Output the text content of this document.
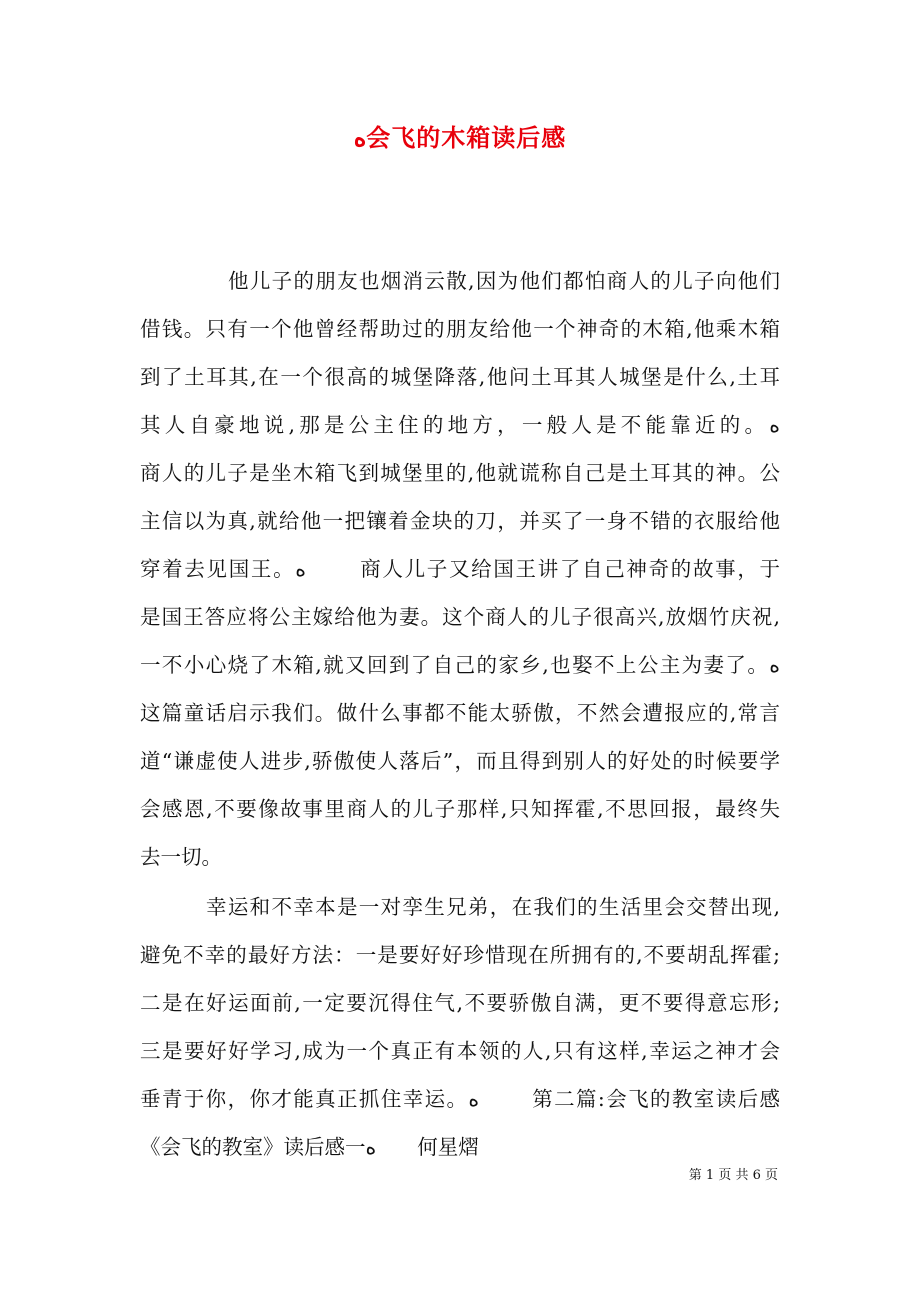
ﻩ会飞的木箱读后感
他儿子的朋友也烟消云散,因为他们都怕商人的儿子向他们
借钱。只有一个他曾经帮助过的朋友给他一个神奇的木箱,他乘木箱
到了土耳其,在一个很高的城堡降落,他问土耳其人城堡是什么,土耳
其人自豪地说,那是公主住的地方，一般人是不能靠近的。ﻩ
商人的儿子是坐木箱飞到城堡里的,他就谎称自己是土耳其的神。公
主信以为真,就给他一把镶着金块的刀，并买了一身不错的衣服给他
穿着去见国王。ﻩ　　 商人儿子又给国王讲了自己神奇的故事，于
是国王答应将公主嫁给他为妻。这个商人的儿子很高兴,放烟竹庆祝,
一不小心烧了木箱,就又回到了自己的家乡,也娶不上公主为妻了。ﻩ
这篇童话启示我们。做什么事都不能太骄傲，不然会遭报应的,常言
道“谦虚使人进步,骄傲使人落后”，而且得到别人的好处的时候要学
会感恩,不要像故事里商人的儿子那样,只知挥霍,不思回报，最终失
去一切。
幸运和不幸本是一对孪生兄弟，在我们的生活里会交替出现,
避免不幸的最好方法：一是要好好珍惜现在所拥有的,不要胡乱挥霍;
二是在好运面前,一定要沉得住气,不要骄傲自满，更不要得意忘形;
三是要好好学习,成为一个真正有本领的人,只有这样,幸运之神才会
垂青于你，你才能真正抓住幸运。ﻩ　　 第二篇:会飞的教室读后感
《会飞的教室》读后感一ﻩ　　何星熠
第 1 页 共 6 页
